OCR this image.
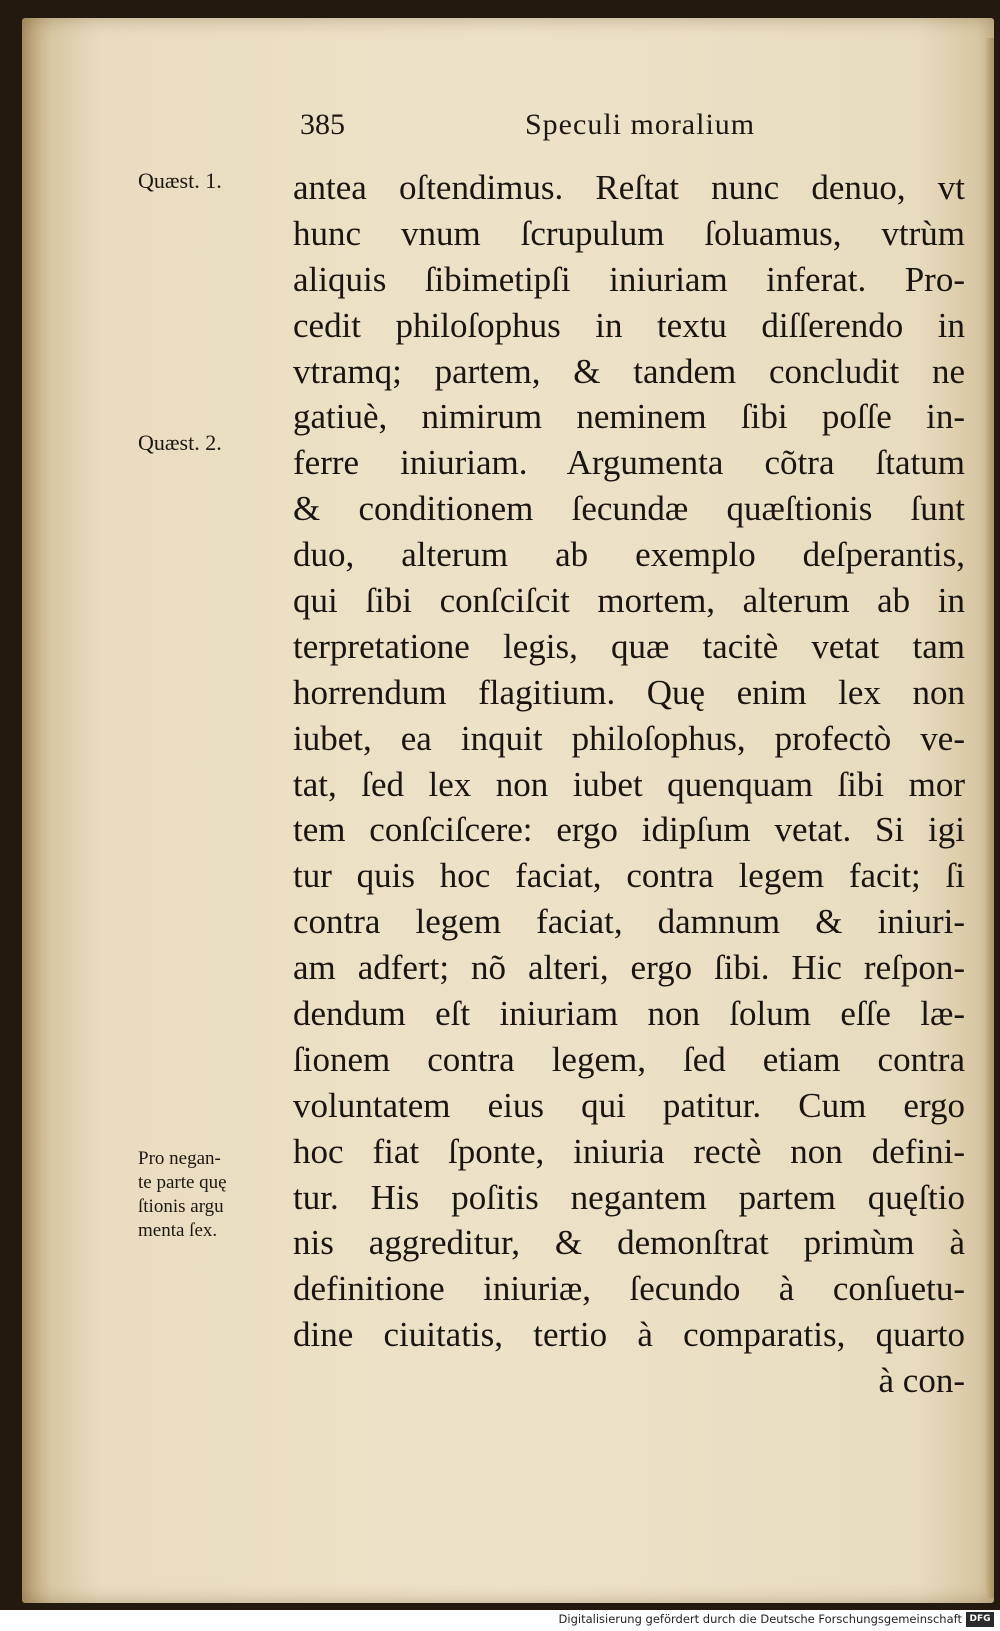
385	Speculi moralium
Quæst. 1.
Quæst. 2.
Pro negan-
te parte quę
ſtionis argu
menta ſex.
antea oſtendimus. Reſtat nunc denuo, vt
hunc vnum ſcrupulum ſoluamus, vtrùm
aliquis ſibimetipſi iniuriam inferat. Pro-
cedit philoſophus in textu diſſerendo in
vtramq; partem, & tandem concludit ne
gatiuè, nimirum neminem ſibi poſſe in-
ferre iniuriam. Argumenta cõtra ſtatum
& conditionem ſecundæ quæſtionis ſunt
duo, alterum ab exemplo deſperantis,
qui ſibi conſciſcit mortem, alterum ab in
terpretatione legis, quæ tacitè vetat tam
horrendum flagitium. Quę enim lex non
iubet, ea inquit philoſophus, profectò ve-
tat, ſed lex non iubet quenquam ſibi mor
tem conſciſcere: ergo idipſum vetat. Si igi
tur quis hoc faciat, contra legem facit; ſi
contra legem faciat, damnum & iniuri-
am adfert; nõ alteri, ergo ſibi. Hic reſpon-
dendum eſt iniuriam non ſolum eſſe læ-
ſionem contra legem, ſed etiam contra
voluntatem eius qui patitur. Cum ergo
hoc fiat ſponte, iniuria rectè non defini-
tur. His poſitis negantem partem quęſtio
nis aggreditur, & demonſtrat primùm à
definitione iniuriæ, ſecundo à conſuetu-
dine ciuitatis, tertio à comparatis, quarto
à con-
Digitalisierung gefördert durch die Deutsche Forschungsgemeinschaft DFG
